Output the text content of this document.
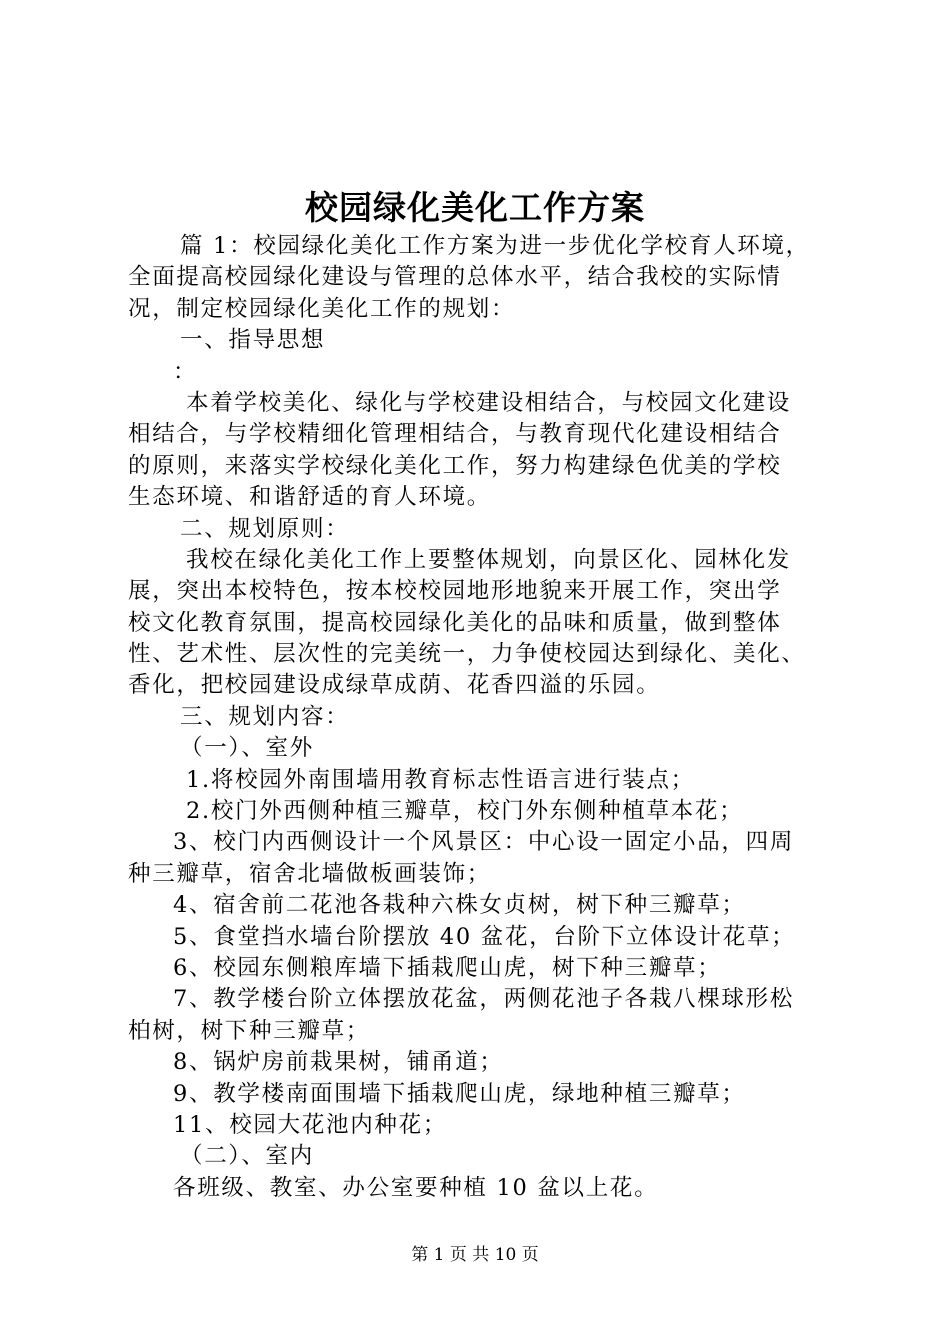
校园绿化美化工作方案
篇 1：校园绿化美化工作方案为进一步优化学校育人环境，
全面提高校园绿化建设与管理的总体水平，结合我校的实际情
况，制定校园绿化美化工作的规划：
一、指导思想
：
本着学校美化、绿化与学校建设相结合，与校园文化建设
相结合，与学校精细化管理相结合，与教育现代化建设相结合
的原则，来落实学校绿化美化工作，努力构建绿色优美的学校
生态环境、和谐舒适的育人环境。
二、规划原则：
我校在绿化美化工作上要整体规划，向景区化、园林化发
展，突出本校特色，按本校校园地形地貌来开展工作，突出学
校文化教育氛围，提高校园绿化美化的品味和质量，做到整体
性、艺术性、层次性的完美统一，力争使校园达到绿化、美化、
香化，把校园建设成绿草成荫、花香四溢的乐园。
三、规划内容：
（一）、室外
1.将校园外南围墙用教育标志性语言进行装点；
2.校门外西侧种植三瓣草，校门外东侧种植草本花；
3、校门内西侧设计一个风景区：中心设一固定小品，四周
种三瓣草，宿舍北墙做板画装饰；
4、宿舍前二花池各栽种六株女贞树，树下种三瓣草；
5、食堂挡水墙台阶摆放 40 盆花，台阶下立体设计花草；
6、校园东侧粮库墙下插栽爬山虎，树下种三瓣草；
7、教学楼台阶立体摆放花盆，两侧花池子各栽八棵球形松
柏树，树下种三瓣草；
8、锅炉房前栽果树，铺甬道；
9、教学楼南面围墙下插栽爬山虎，绿地种植三瓣草；
11、校园大花池内种花；
（二）、室内
各班级、教室、办公室要种植 10 盆以上花。
第 1 页 共 10 页
